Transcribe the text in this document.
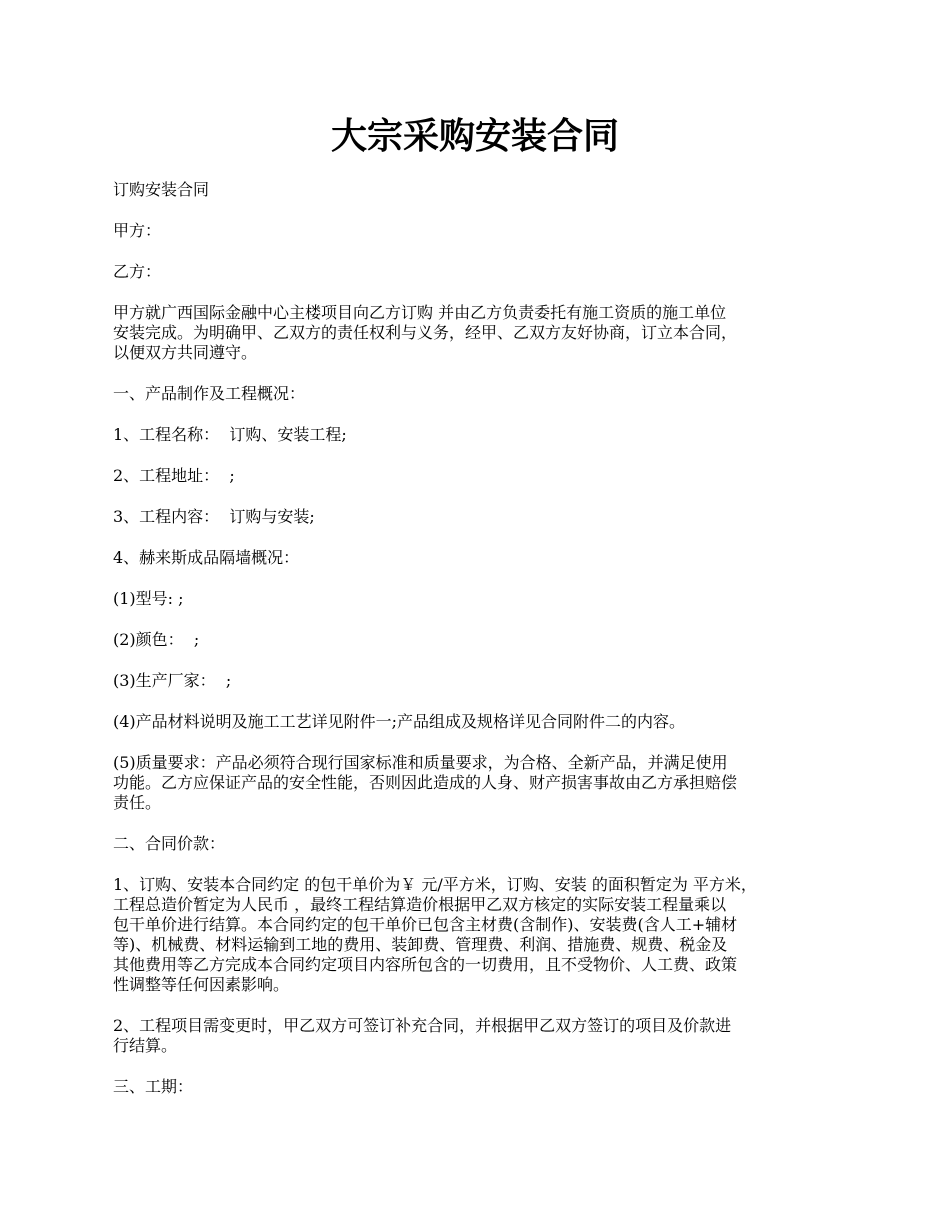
大宗采购安装合同

订购安装合同

甲方：

乙方：

甲方就广西国际金融中心主楼项目向乙方订购 并由乙方负责委托有施工资质的施工单位
安装完成。为明确甲、乙双方的责任权利与义务，经甲、乙双方友好协商，订立本合同，
以便双方共同遵守。

一、产品制作及工程概况：

1、工程名称：  订购、安装工程;

2、工程地址：  ;

3、工程内容：  订购与安装;

4、赫来斯成品隔墙概况：

(1)型号: ;

(2)颜色：  ;

(3)生产厂家：  ;

(4)产品材料说明及施工工艺详见附件一;产品组成及规格详见合同附件二的内容。

(5)质量要求：产品必须符合现行国家标准和质量要求，为合格、全新产品，并满足使用
功能。乙方应保证产品的安全性能，否则因此造成的人身、财产损害事故由乙方承担赔偿
责任。

二、合同价款：

1、订购、安装本合同约定 的包干单价为￥ 元/平方米，订购、安装 的面积暂定为 平方米，
工程总造价暂定为人民币 ，最终工程结算造价根据甲乙双方核定的实际安装工程量乘以
包干单价进行结算。本合同约定的包干单价已包含主材费(含制作)、安装费(含人工+辅材
等)、机械费、材料运输到工地的费用、装卸费、管理费、利润、措施费、规费、税金及
其他费用等乙方完成本合同约定项目内容所包含的一切费用，且不受物价、人工费、政策
性调整等任何因素影响。

2、工程项目需变更时，甲乙双方可签订补充合同，并根据甲乙双方签订的项目及价款进
行结算。

三、工期：
